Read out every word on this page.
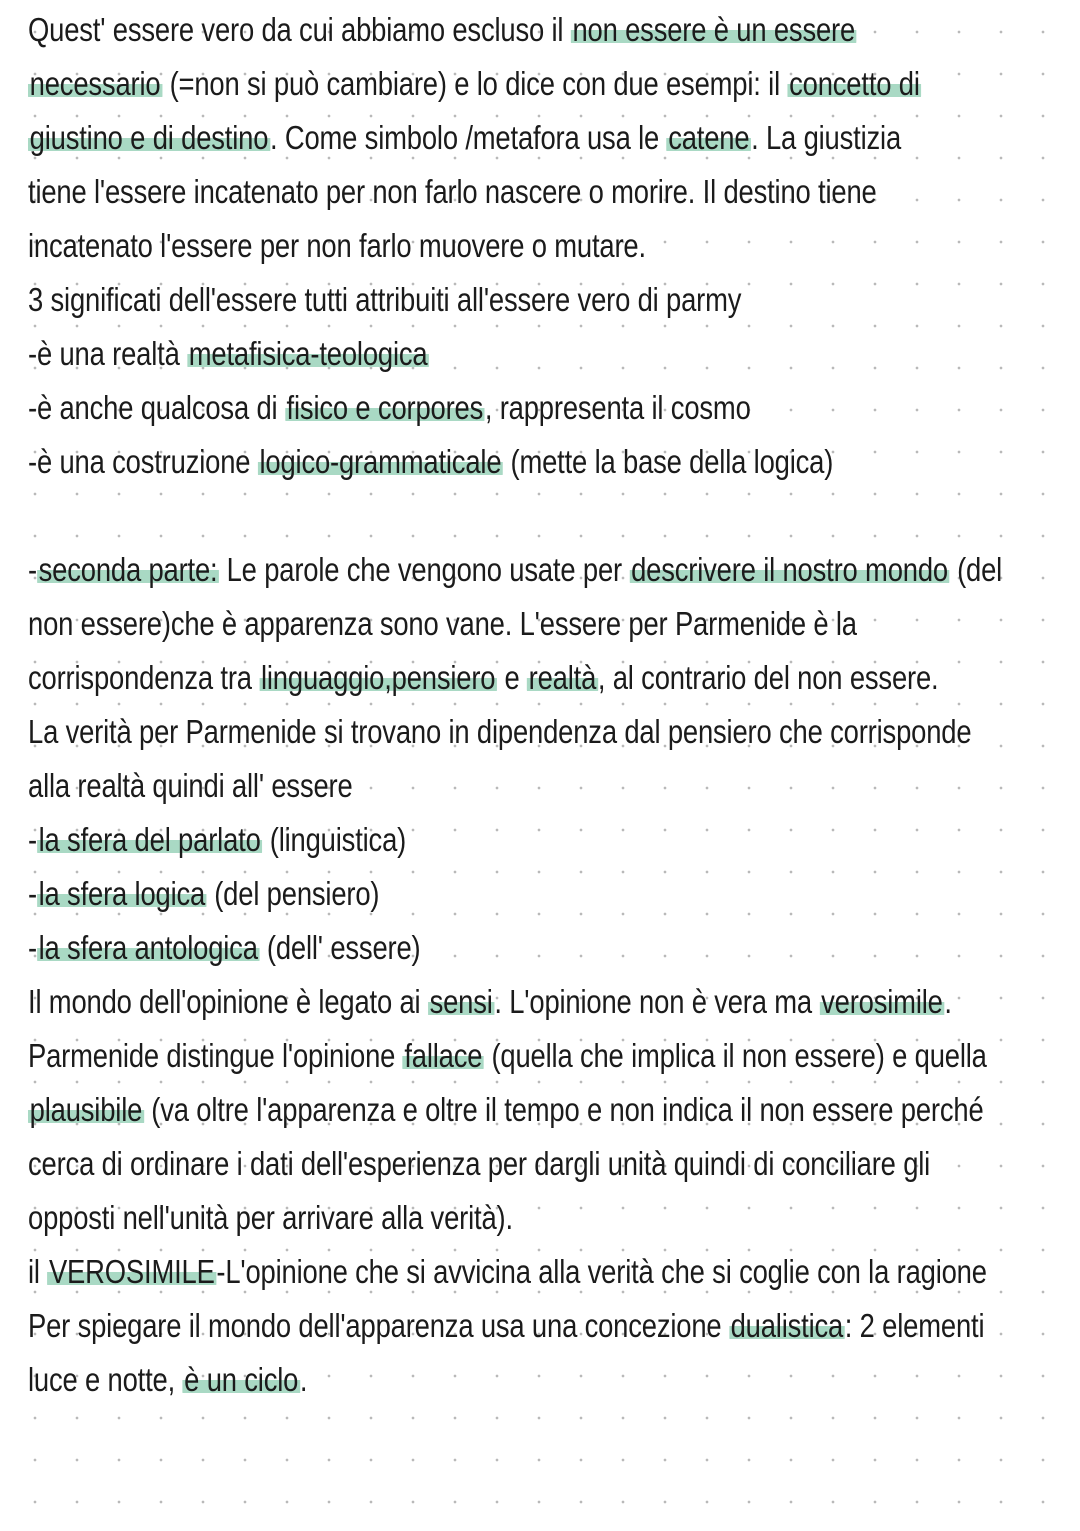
Quest' essere vero da cui abbiamo escluso il non essere è un essere
necessario (=non si può cambiare) e lo dice con due esempi: il concetto di
giustino e di destino. Come simbolo /metafora usa le catene. La giustizia
tiene l'essere incatenato per non farlo nascere o morire. Il destino tiene
incatenato l'essere per non farlo muovere o mutare.
3 significati dell'essere tutti attribuiti all'essere vero di parmy
-è una realtà metafisica-teologica
-è anche qualcosa di fisico e corpores, rappresenta il cosmo
-è una costruzione logico-grammaticale (mette la base della logica)
-seconda parte: Le parole che vengono usate per descrivere il nostro mondo (del
non essere)che è apparenza sono vane. L'essere per Parmenide è la
corrispondenza tra linguaggio,pensiero e realtà, al contrario del non essere.
La verità per Parmenide si trovano in dipendenza dal pensiero che corrisponde
alla realtà quindi all' essere
-la sfera del parlato (linguistica)
-la sfera logica (del pensiero)
-la sfera antologica (dell' essere)
Il mondo dell'opinione è legato ai sensi. L'opinione non è vera ma verosimile.
Parmenide distingue l'opinione fallace (quella che implica il non essere) e quella
plausibile (va oltre l'apparenza e oltre il tempo e non indica il non essere perché
cerca di ordinare i dati dell'esperienza per dargli unità quindi di conciliare gli
opposti nell'unità per arrivare alla verità).
il VEROSIMILE-L'opinione che si avvicina alla verità che si coglie con la ragione
Per spiegare il mondo dell'apparenza usa una concezione dualistica: 2 elementi
luce e notte, è un ciclo.
